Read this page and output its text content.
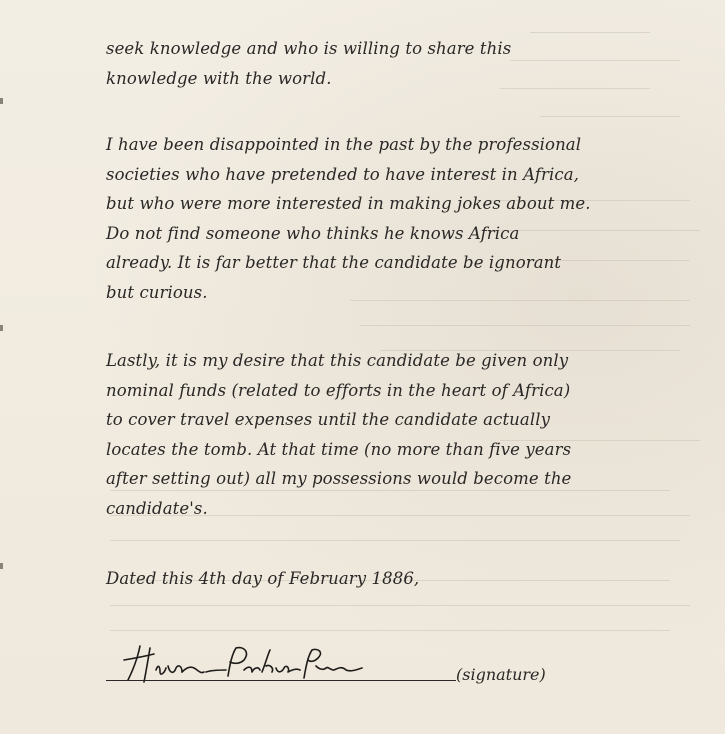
seek knowledge and who is willing to share this
knowledge with the world.

I have been disappointed in the past by the professional
societies who have pretended to have interest in Africa,
but who were more interested in making jokes about me.
Do not find someone who thinks he knows Africa
already. It is far better that the candidate be ignorant
but curious.

Lastly, it is my desire that this candidate be given only
nominal funds (related to efforts in the heart of Africa)
to cover travel expenses until the candidate actually
locates the tomb. At that time (no more than five years
after setting out) all my possessions would become the
candidate's.

Dated this 4th day of February 1886,

(signature)
